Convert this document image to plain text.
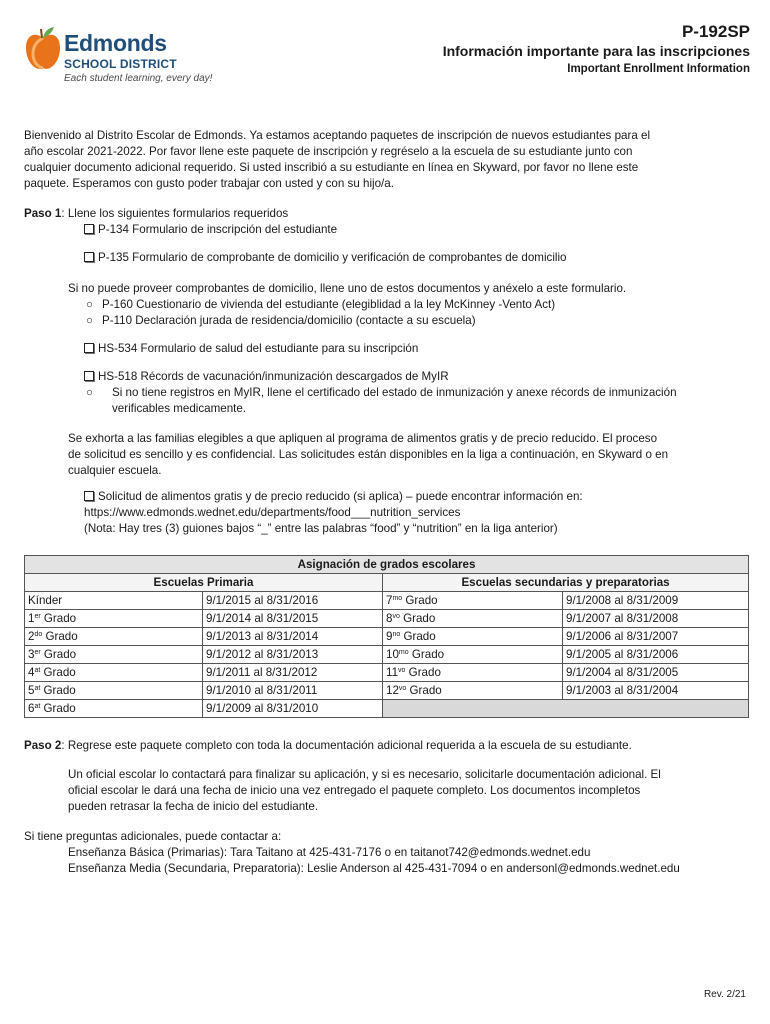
Edmonds
SCHOOL DISTRICT
Each student learning, every day!
P-192SP
Información importante para las inscripciones
Important Enrollment Information
Bienvenido al Distrito Escolar de Edmonds. Ya estamos aceptando paquetes de inscripción de nuevos estudiantes para el
año escolar 2021-2022. Por favor llene este paquete de inscripción y regréselo a la escuela de su estudiante junto con
cualquier documento adicional requerido. Si usted inscribió a su estudiante en línea en Skyward, por favor no llene este
paquete. Esperamos con gusto poder trabajar con usted y con su hijo/a.
Paso 1: Llene los siguientes formularios requeridos
P-134 Formulario de inscripción del estudiante
P-135 Formulario de comprobante de domicilio y verificación de comprobantes de domicilio
Si no puede proveer comprobantes de domicilio, llene uno de estos documentos y anéxelo a este formulario.
○ P-160 Cuestionario de vivienda del estudiante (elegiblidad a la ley McKinney -Vento Act)
○ P-110 Declaración jurada de residencia/domicilio (contacte a su escuela)
HS-534 Formulario de salud del estudiante para su inscripción
HS-518 Récords de vacunación/inmunización descargados de MyIR
○ Si no tiene registros en MyIR, llene el certificado del estado de inmunización y anexe récords de inmunización
verificables medicamente.
Se exhorta a las familias elegibles a que apliquen al programa de alimentos gratis y de precio reducido. El proceso
de solicitud es sencillo y es confidencial. Las solicitudes están disponibles en la liga a continuación, en Skyward o en
cualquier escuela.
Solicitud de alimentos gratis y de precio reducido (si aplica) – puede encontrar información en:
https://www.edmonds.wednet.edu/departments/food___nutrition_services
(Nota: Hay tres (3) guiones bajos “_” entre las palabras “food” y “nutrition” en la liga anterior)
Asignación de grados escolares			
Escuelas Primaria		Escuelas secundarias y preparatorias	
Kínder	9/1/2015 al 8/31/2016	$7^{mo}$ Grado	9/1/2008 al 8/31/2009
1er Grado	9/1/2014 al 8/31/2015	$8^{vo}$ Grado	9/1/2007 al 8/31/2008
$2^{do}$ Grado	9/1/2013 al 8/31/2014	$9^{no}$ Grado	9/1/2006 al 8/31/2007
3er Grado	9/1/2012 al 8/31/2013	$10^{mo}$ Grado	9/1/2005 al 8/31/2006
$4^{at}$ Grado	9/1/2011 al 8/31/2012	$11^{vo}$ Grado	9/1/2004 al 8/31/2005
$5^{at}$ Grado	9/1/2010 al 8/31/2011	$12^{vo}$ Grado	9/1/2003 al 8/31/2004
$6^{at}$ Grado	9/1/2009 al 8/31/2010		
Paso 2: Regrese este paquete completo con toda la documentación adicional requerida a la escuela de su estudiante.
Un oficial escolar lo contactará para finalizar su aplicación, y si es necesario, solicitarle documentación adicional. El
oficial escolar le dará una fecha de inicio una vez entregado el paquete completo. Los documentos incompletos
pueden retrasar la fecha de inicio del estudiante.
Si tiene preguntas adicionales, puede contactar a:
Enseñanza Básica (Primarias): Tara Taitano at 425-431-7176 o en taitanot742@edmonds.wednet.edu
Enseñanza Media (Secundaria, Preparatoria): Leslie Anderson al 425-431-7094 o en andersonl@edmonds.wednet.edu
Rev. 2/21
